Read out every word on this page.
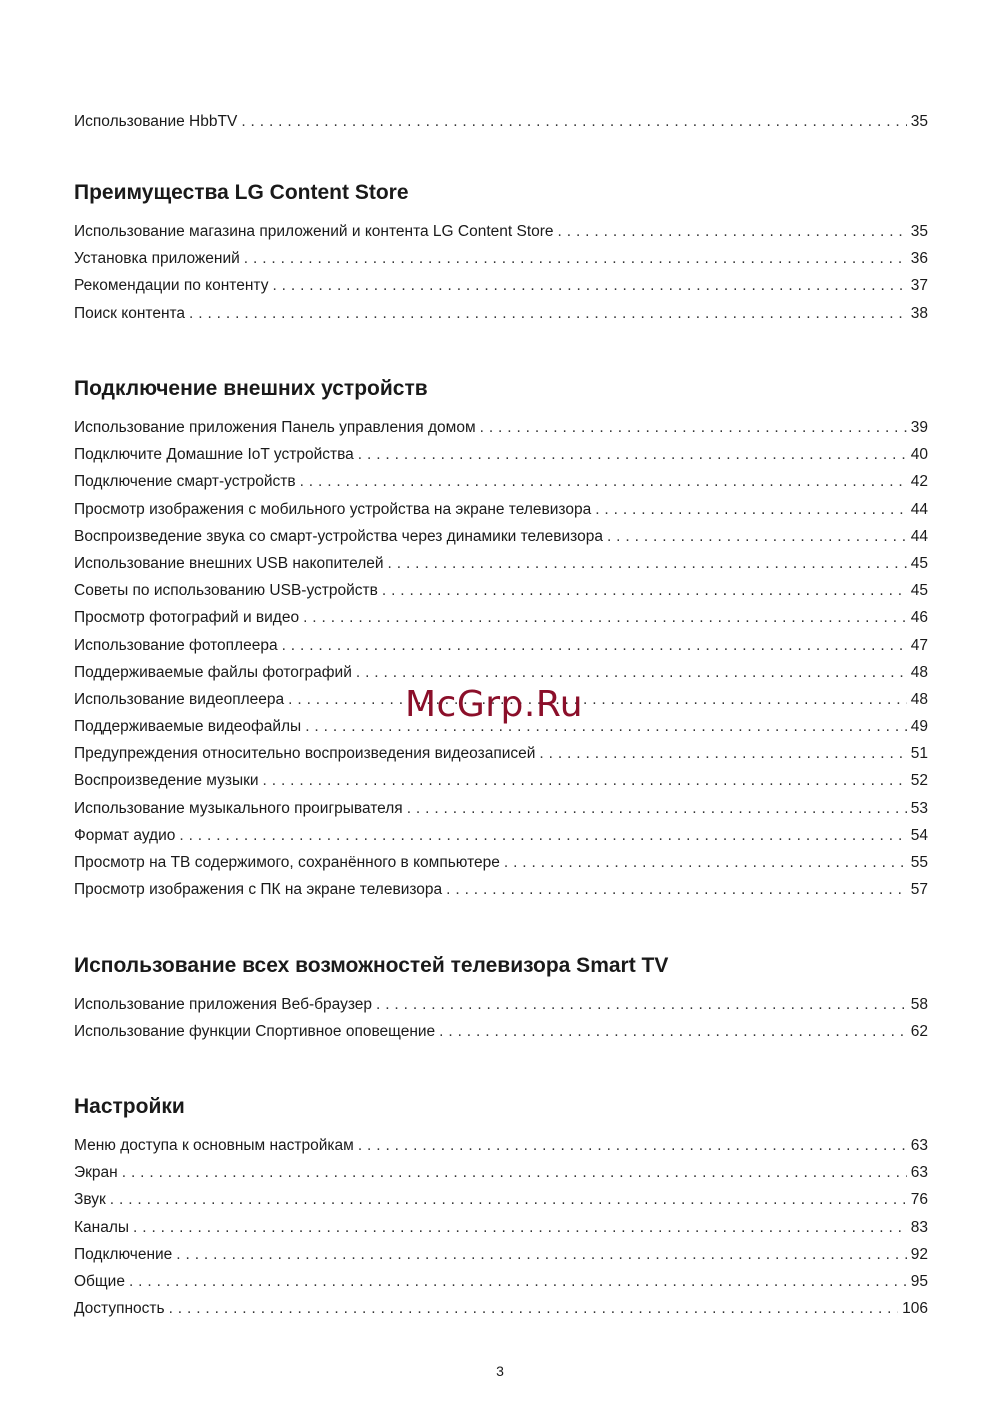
Использование HbbTV . . .	35
Преимущества LG Content Store
Использование магазина приложений и контента LG Content Store . . .	35
Установка приложений . . .	36
Рекомендации по контенту . . .	37
Поиск контента . . .	38
Подключение внешних устройств
Использование приложения Панель управления домом . . .	39
Подключите Домашние IoT устройства . . .	40
Подключение смарт-устройств . . .	42
Просмотр изображения с мобильного устройства на экране телевизора . . .	44
Воспроизведение звука со смарт-устройства через динамики телевизора . . .	44
Использование внешних USB накопителей . . .	45
Советы по использованию USB-устройств . . .	45
Просмотр фотографий и видео . . .	46
Использование фотоплеера . . .	47
Поддерживаемые файлы фотографий . . .	48
Использование видеоплеера . . .	48
Поддерживаемые видеофайлы . . .	49
Предупреждения относительно воспроизведения видеозаписей . . .	51
Воспроизведение музыки . . .	52
Использование музыкального проигрывателя . . .	53
Формат аудио . . .	54
Просмотр на ТВ содержимого, сохранённого в компьютере . . .	55
Просмотр изображения с ПК на экране телевизора . . .	57
Использование всех возможностей телевизора Smart TV
Использование приложения Веб-браузер . . .	58
Использование функции Спортивное оповещение . . .	62
Настройки
Меню доступа к основным настройкам . . .	63
Экран . . .	63
Звук . . .	76
Каналы . . .	83
Подключение . . .	92
Общие . . .	95
Доступность . . .	106
McGrp.Ru
3
